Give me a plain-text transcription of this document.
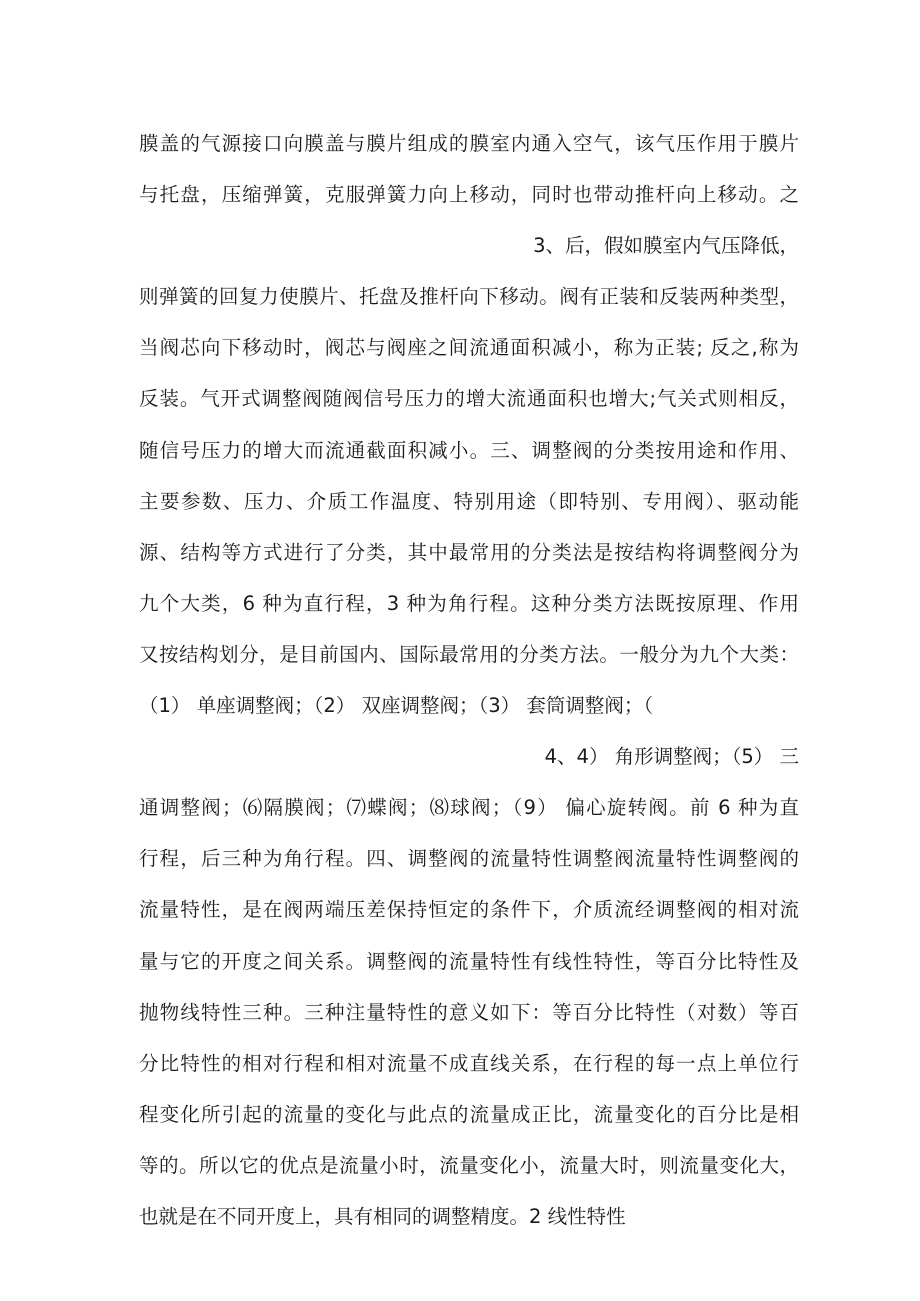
膜盖的气源接口向膜盖与膜片组成的膜室内通入空气，该气压作用于膜片
与托盘，压缩弹簧，克服弹簧力向上移动，同时也带动推杆向上移动。之
3、后，假如膜室内气压降低，
则弹簧的回复力使膜片、托盘及推杆向下移动。阀有正装和反装两种类型，
当阀芯向下移动时，阀芯与阀座之间流通面积减小，称为正装; 反之,称为
反装。气开式调整阀随阀信号压力的增大流通面积也增大;气关式则相反，
随信号压力的增大而流通截面积减小。三、调整阀的分类按用途和作用、
主要参数、压力、介质工作温度、特别用途（即特别、专用阀）、驱动能
源、结构等方式进行了分类，其中最常用的分类法是按结构将调整阀分为
九个大类，6 种为直行程，3 种为角行程。这种分类方法既按原理、作用
又按结构划分，是目前国内、国际最常用的分类方法。一般分为九个大类：
（1） 单座调整阀；（2） 双座调整阀；（3） 套筒调整阀；（
4、4） 角形调整阀；（5） 三
通调整阀；⑹隔膜阀；⑺蝶阀；⑻球阀；（9） 偏心旋转阀。前 6 种为直
行程，后三种为角行程。四、调整阀的流量特性调整阀流量特性调整阀的
流量特性，是在阀两端压差保持恒定的条件下，介质流经调整阀的相对流
量与它的开度之间关系。调整阀的流量特性有线性特性，等百分比特性及
抛物线特性三种。三种注量特性的意义如下：等百分比特性（对数）等百
分比特性的相对行程和相对流量不成直线关系，在行程的每一点上单位行
程变化所引起的流量的变化与此点的流量成正比，流量变化的百分比是相
等的。所以它的优点是流量小时，流量变化小，流量大时，则流量变化大，
也就是在不同开度上，具有相同的调整精度。2 线性特性
